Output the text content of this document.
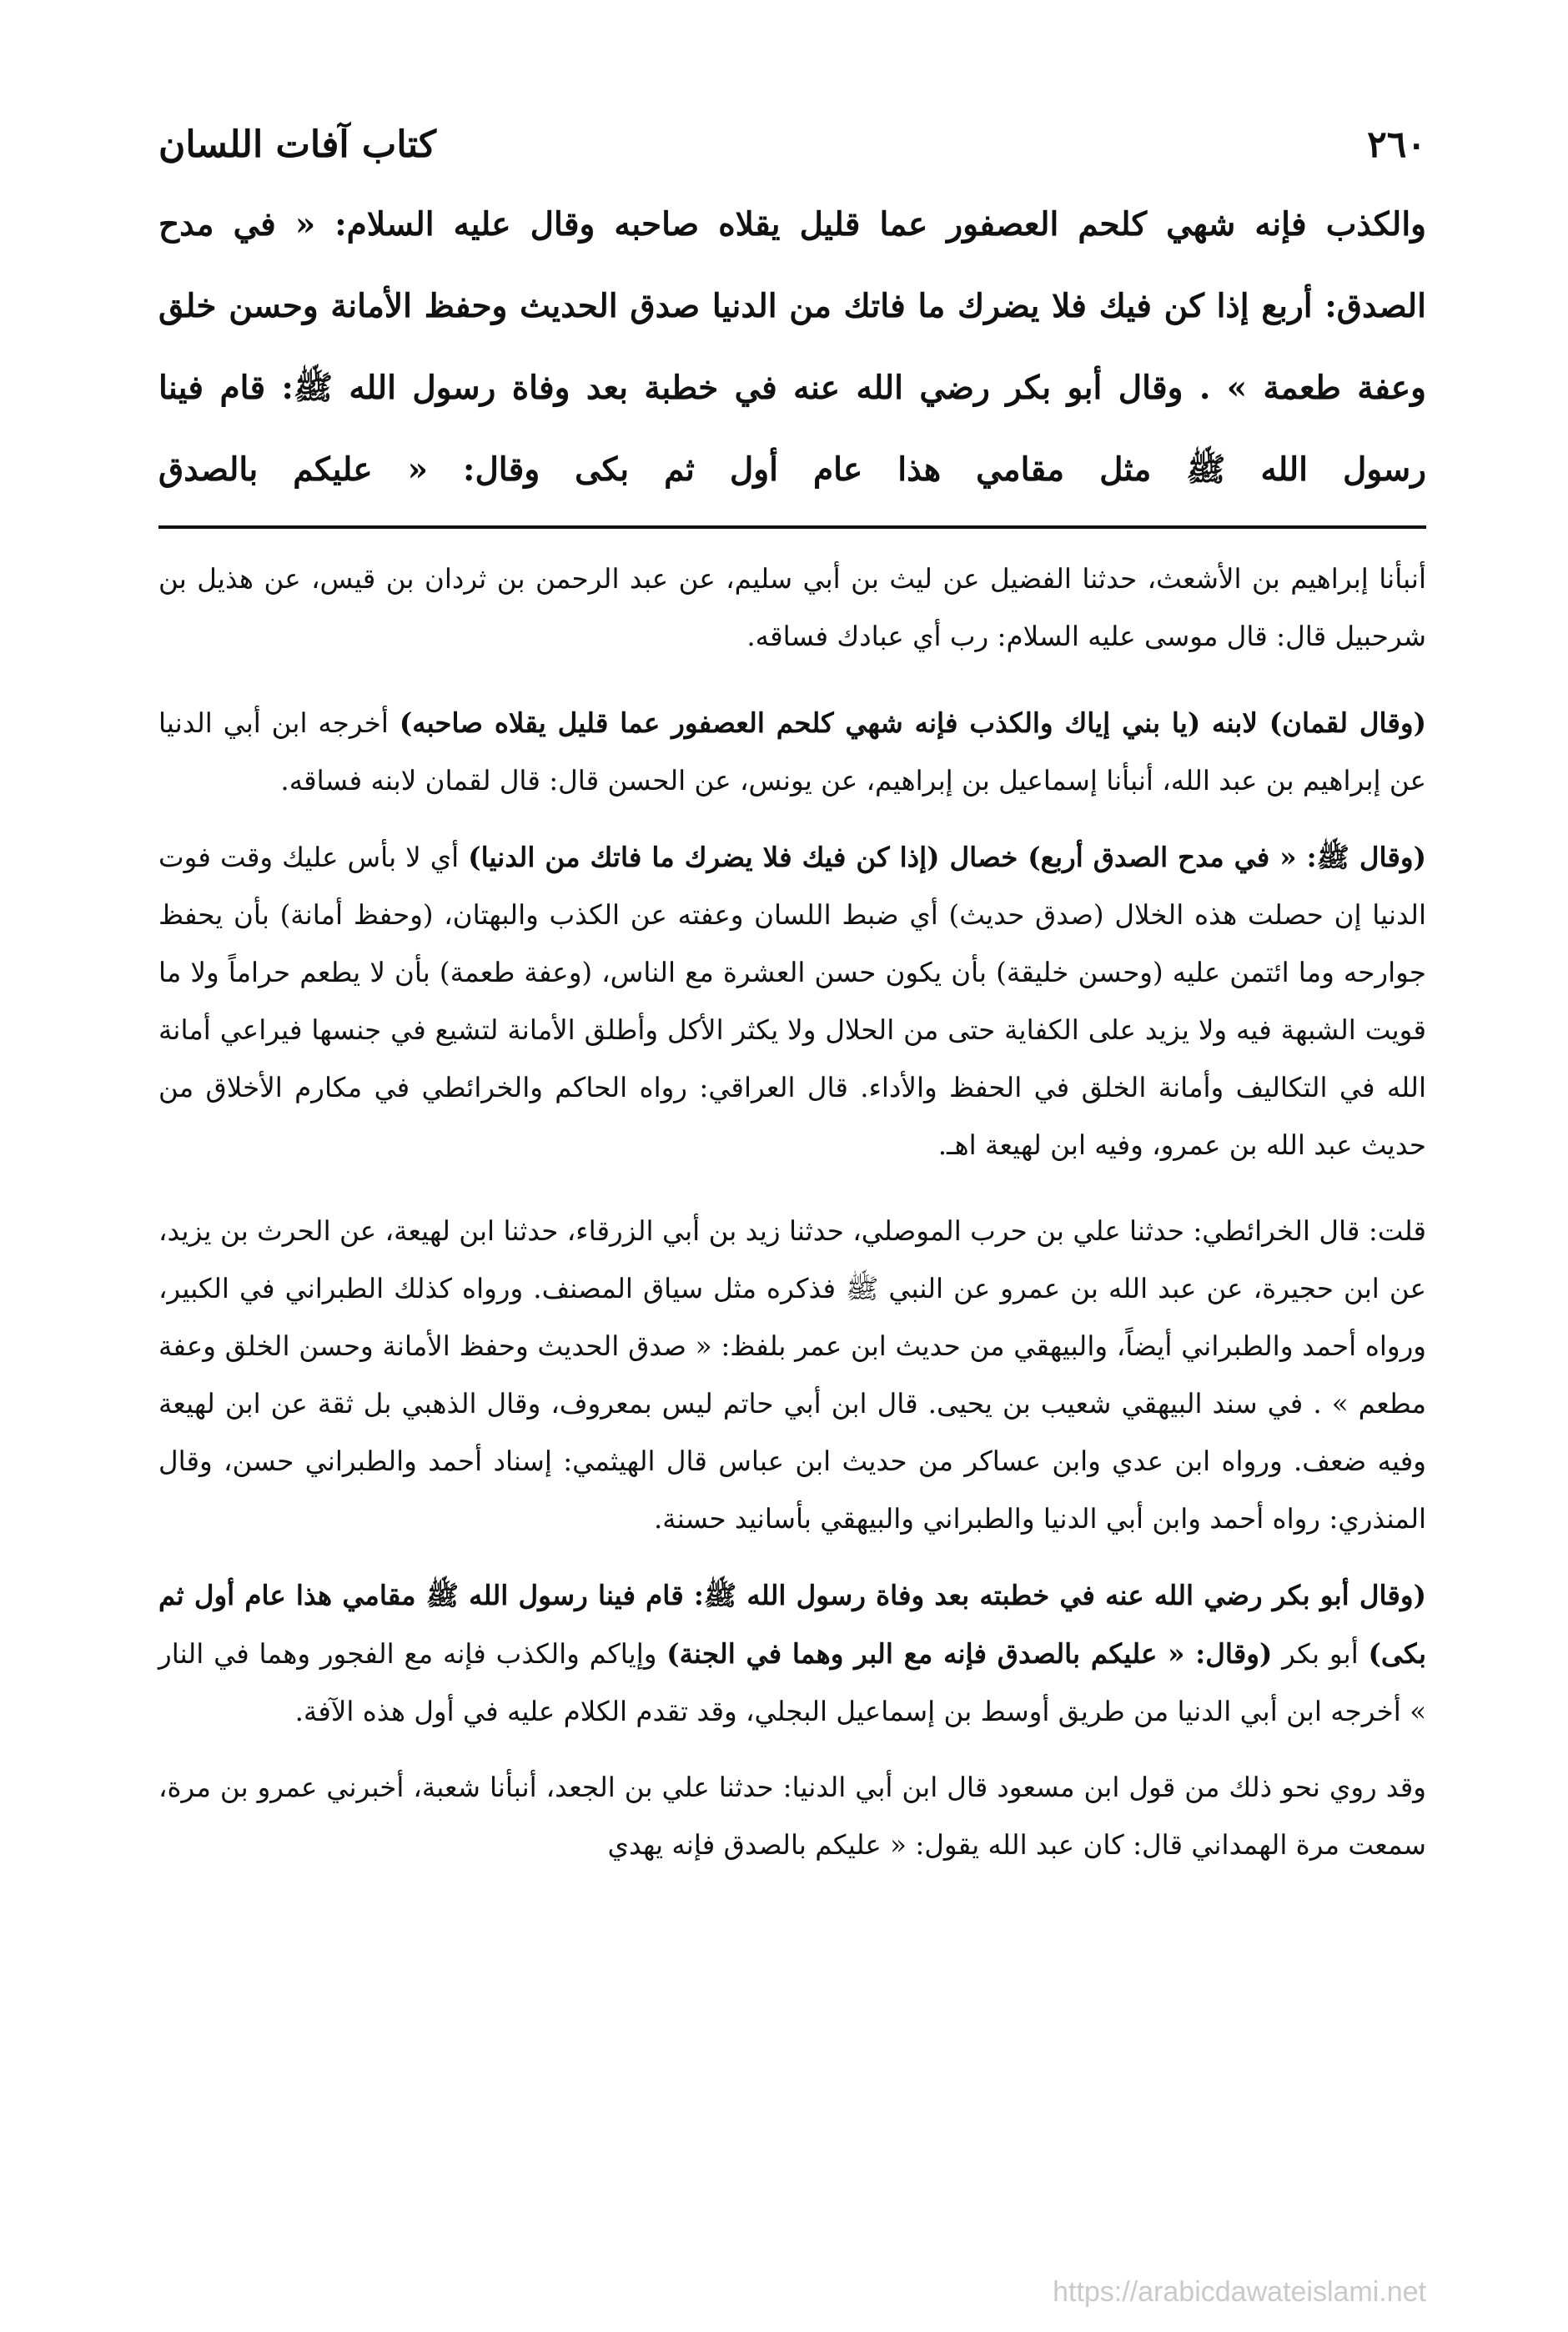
٢٦٠
كتاب آفات اللسان

والكذب فإنه شهي كلحم العصفور عما قليل يقلاه صاحبه وقال عليه السلام: « في مدح الصدق: أربع إذا كن فيك فلا يضرك ما فاتك من الدنيا صدق الحديث وحفظ الأمانة وحسن خلق وعفة طعمة » . وقال أبو بكر رضي الله عنه في خطبة بعد وفاة رسول الله ﷺ: قام فينا رسول الله ﷺ مثل مقامي هذا عام أول ثم بكى وقال: « عليكم بالصدق

أنبأنا إبراهيم بن الأشعث، حدثنا الفضيل عن ليث بن أبي سليم، عن عبد الرحمن بن ثردان بن قيس، عن هذيل بن شرحبيل قال: قال موسى عليه السلام: رب أي عبادك فساقه.

(وقال لقمان) لابنه (يا بني إياك والكذب فإنه شهي كلحم العصفور عما قليل يقلاه صاحبه) أخرجه ابن أبي الدنيا عن إبراهيم بن عبد الله، أنبأنا إسماعيل بن إبراهيم، عن يونس، عن الحسن قال: قال لقمان لابنه فساقه.

(وقال ﷺ: « في مدح الصدق أربع) خصال (إذا كن فيك فلا يضرك ما فاتك من الدنيا) أي لا بأس عليك وقت فوت الدنيا إن حصلت هذه الخلال (صدق حديث) أي ضبط اللسان وعفته عن الكذب والبهتان، (وحفظ أمانة) بأن يحفظ جوارحه وما ائتمن عليه (وحسن خليقة) بأن يكون حسن العشرة مع الناس، (وعفة طعمة) بأن لا يطعم حراماً ولا ما قويت الشبهة فيه ولا يزيد على الكفاية حتى من الحلال ولا يكثر الأكل وأطلق الأمانة لتشيع في جنسها فيراعي أمانة الله في التكاليف وأمانة الخلق في الحفظ والأداء. قال العراقي: رواه الحاكم والخرائطي في مكارم الأخلاق من حديث عبد الله بن عمرو، وفيه ابن لهيعة اهـ.

قلت: قال الخرائطي: حدثنا علي بن حرب الموصلي، حدثنا زيد بن أبي الزرقاء، حدثنا ابن لهيعة، عن الحرث بن يزيد، عن ابن حجيرة، عن عبد الله بن عمرو عن النبي ﷺ فذكره مثل سياق المصنف. ورواه كذلك الطبراني في الكبير، ورواه أحمد والطبراني أيضاً، والبيهقي من حديث ابن عمر بلفظ: « صدق الحديث وحفظ الأمانة وحسن الخلق وعفة مطعم » . في سند البيهقي شعيب بن يحيى. قال ابن أبي حاتم ليس بمعروف، وقال الذهبي بل ثقة عن ابن لهيعة وفيه ضعف. ورواه ابن عدي وابن عساكر من حديث ابن عباس قال الهيثمي: إسناد أحمد والطبراني حسن، وقال المنذري: رواه أحمد وابن أبي الدنيا والطبراني والبيهقي بأسانيد حسنة.

(وقال أبو بكر رضي الله عنه في خطبته بعد وفاة رسول الله ﷺ: قام فينا رسول الله ﷺ مقامي هذا عام أول ثم بكى) أبو بكر (وقال: « عليكم بالصدق فإنه مع البر وهما في الجنة) وإياكم والكذب فإنه مع الفجور وهما في النار » أخرجه ابن أبي الدنيا من طريق أوسط بن إسماعيل البجلي، وقد تقدم الكلام عليه في أول هذه الآفة.

وقد روي نحو ذلك من قول ابن مسعود قال ابن أبي الدنيا: حدثنا علي بن الجعد، أنبأنا شعبة، أخبرني عمرو بن مرة، سمعت مرة الهمداني قال: كان عبد الله يقول: « عليكم بالصدق فإنه يهدي

https://arabicdawateislami.net
